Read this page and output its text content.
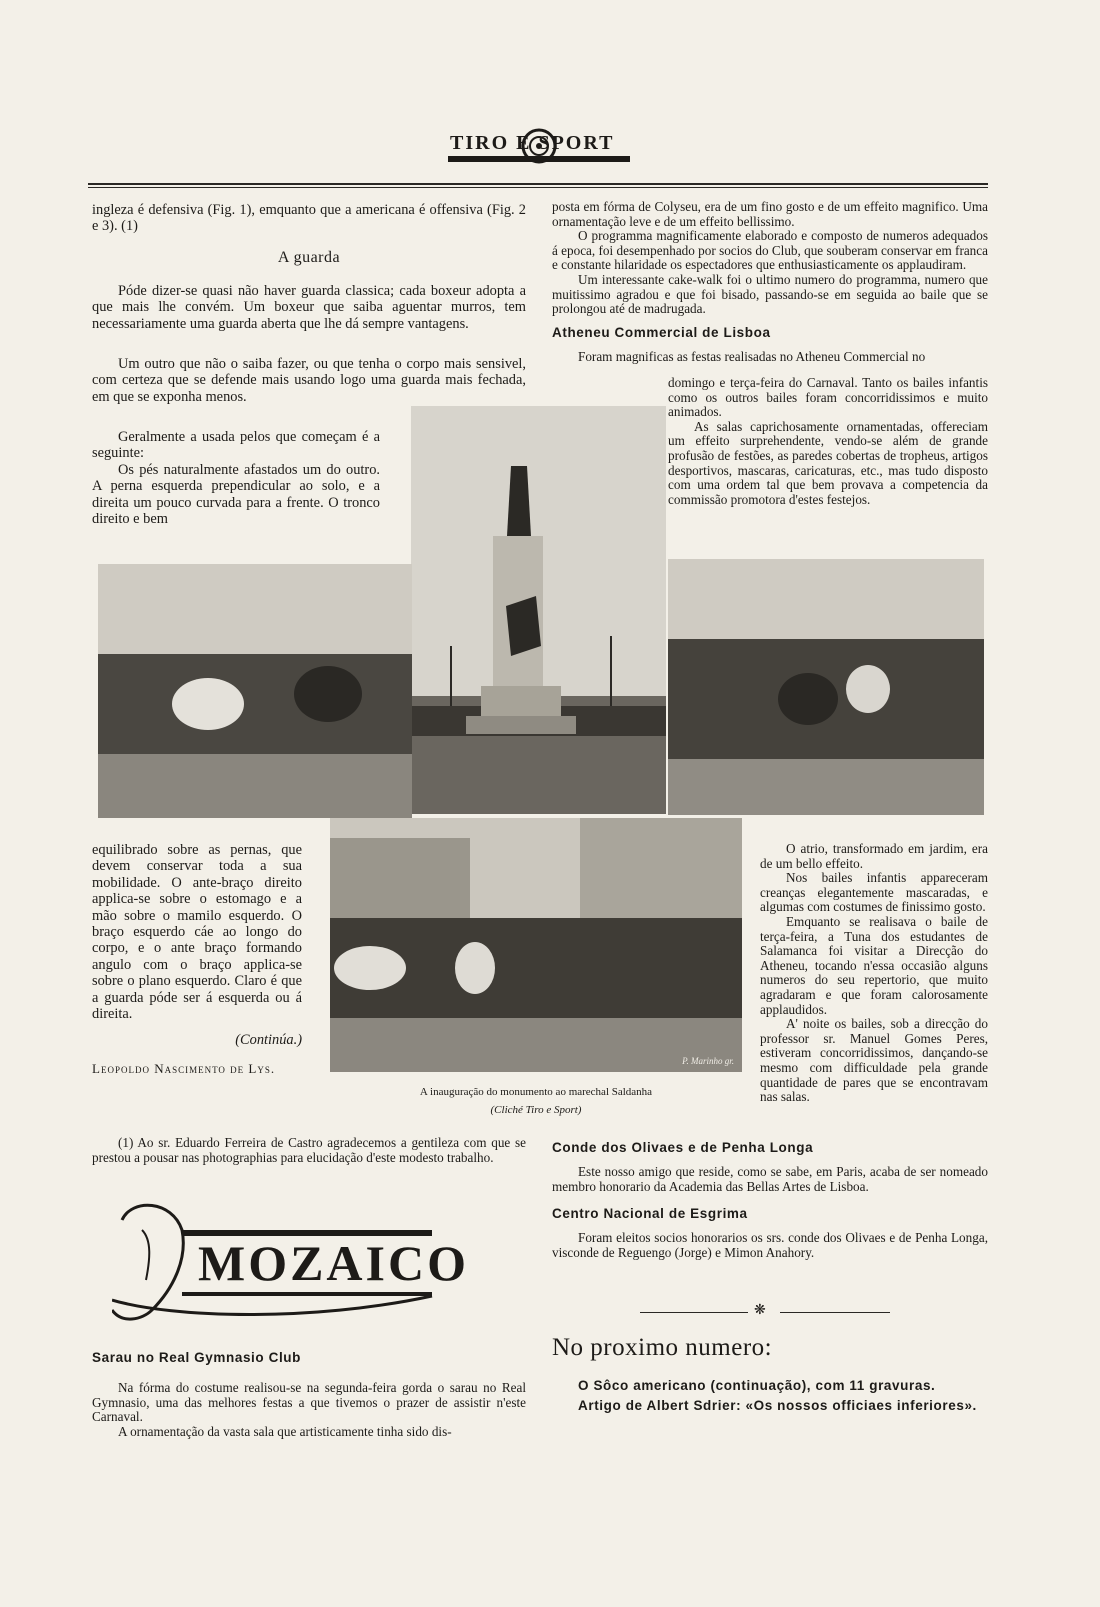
TIRO E SPORT

ingleza é defensiva (Fig. 1), emquanto que a americana é offensiva (Fig. 2 e 3). (1)

A guarda

Póde dizer-se quasi não haver guarda classica; cada boxeur adopta a que mais lhe convém. Um boxeur que saiba aguentar murros, tem necessariamente uma guarda aberta que lhe dá sempre vantagens.

Um outro que não o saiba fazer, ou que tenha o corpo mais sensivel, com certeza que se defende mais usando logo uma guarda mais fechada, em que se exponha menos.

Geralmente a usada pelos que começam é a seguinte:

Os pés naturalmente afastados um do outro. A perna esquerda prependicular ao solo, e a direita um pouco curvada para a frente. O tronco direito e bem

posta em fórma de Colyseu, era de um fino gosto e de um effeito magnifico. Uma ornamentação leve e de um effeito bellissimo.

O programma magnificamente elaborado e composto de numeros adequados á epoca, foi desempenhado por socios do Club, que souberam conservar em franca e constante hilaridade os espectadores que enthusiasticamente os applaudiram.

Um interessante cake-walk foi o ultimo numero do programma, numero que muitissimo agradou e que foi bisado, passando-se em seguida ao baile que se prolongou até de madrugada.

Atheneu Commercial de Lisboa

Foram magnificas as festas realisadas no Atheneu Commercial no

domingo e terça-feira do Carnaval. Tanto os bailes infantis como os outros bailes foram concorridissimos e muito animados.

As salas caprichosamente ornamentadas, offereciam um effeito surprehendente, vendo-se além de grande profusão de festões, as paredes cobertas de tropheus, artigos desportivos, mascaras, caricaturas, etc., mas tudo disposto com uma ordem tal que bem provava a competencia da commissão promotora d'estes festejos.

P. Marinho gr.
A inauguração do monumento ao marechal Saldanha
(Cliché Tiro e Sport)

equilibrado sobre as pernas, que devem conservar toda a sua mobilidade. O ante-braço direito applica-se sobre o estomago e a mão sobre o mamilo esquerdo. O braço esquerdo cáe ao longo do corpo, e o ante braço formando angulo com o braço applica-se sobre o plano esquerdo. Claro é que a guarda póde ser á esquerda ou á direita.

(Continúa.)

Leopoldo Nascimento de Lys.

O atrio, transformado em jardim, era de um bello effeito.

Nos bailes infantis appareceram creanças elegantemente mascaradas, e algumas com costumes de finissimo gosto.

Emquanto se realisava o baile de terça-feira, a Tuna dos estudantes de Salamanca foi visitar a Direcção do Atheneu, tocando n'essa occasião alguns numeros do seu repertorio, que muito agradaram e que foram calorosamente applaudidos.

A' noite os bailes, sob a direcção do professor sr. Manuel Gomes Peres, estiveram concorridissimos, dançando-se mesmo com difficuldade pela grande quantidade de pares que se encontravam nas salas.

(1) Ao sr. Eduardo Ferreira de Castro agradecemos a gentileza com que se prestou a pousar nas photographias para elucidação d'este modesto trabalho.

Conde dos Olivaes e de Penha Longa

Este nosso amigo que reside, como se sabe, em Paris, acaba de ser nomeado membro honorario da Academia das Bellas Artes de Lisboa.

Centro Nacional de Esgrima

Foram eleitos socios honorarios os srs. conde dos Olivaes e de Penha Longa, visconde de Reguengo (Jorge) e Mimon Anahory.

❋
MOZAICO

Sarau no Real Gymnasio Club

Na fórma do costume realisou-se na segunda-feira gorda o sarau no Real Gymnasio, uma das melhores festas a que tivemos o prazer de assistir n'este Carnaval.

A ornamentação da vasta sala que artisticamente tinha sido dis-

No proximo numero:

O Sôco americano (continuação), com 11 gravuras.

Artigo de Albert Sdrier: «Os nossos officiaes inferiores».
